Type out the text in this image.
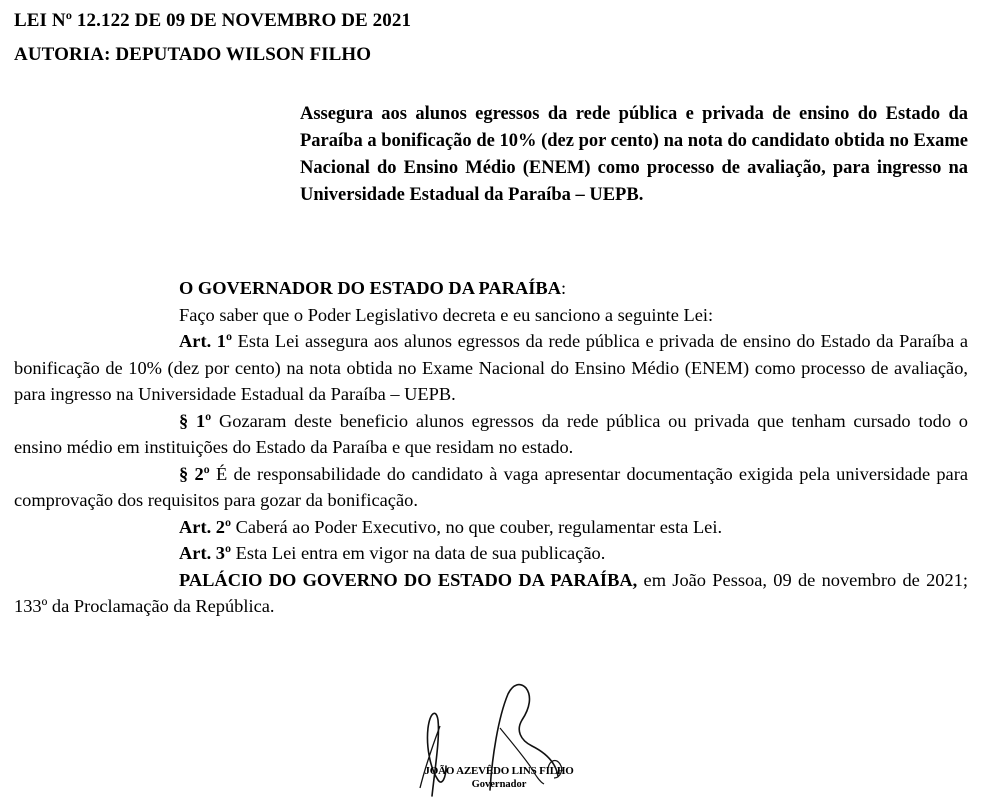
LEI Nº 12.122 DE 09 DE NOVEMBRO DE 2021
AUTORIA: DEPUTADO WILSON FILHO
Assegura aos alunos egressos da rede pública e privada de ensino do Estado da Paraíba a bonificação de 10% (dez por cento) na nota do candidato obtida no Exame Nacional do Ensino Médio (ENEM) como processo de avaliação, para ingresso na Universidade Estadual da Paraíba – UEPB.

O GOVERNADOR DO ESTADO DA PARAÍBA:

Faço saber que o Poder Legislativo decreta e eu sanciono a seguinte Lei:

Art. 1º Esta Lei assegura aos alunos egressos da rede pública e privada de ensino do Estado da Paraíba a bonificação de 10% (dez por cento) na nota obtida no Exame Nacional do Ensino Médio (ENEM) como processo de avaliação, para ingresso na Universidade Estadual da Paraíba – UEPB.

§ 1º Gozaram deste beneficio alunos egressos da rede pública ou privada que tenham cursado todo o ensino médio em instituições do Estado da Paraíba e que residam no estado.

§ 2º É de responsabilidade do candidato à vaga apresentar documentação exigida pela universidade para comprovação dos requisitos para gozar da bonificação.

Art. 2º Caberá ao Poder Executivo, no que couber, regulamentar esta Lei.

Art. 3º Esta Lei entra em vigor na data de sua publicação.

PALÁCIO DO GOVERNO DO ESTADO DA PARAÍBA, em João Pessoa, 09 de novembro de 2021; 133º da Proclamação da República.

JOÃO AZEVÊDO LINS FILHO
Governador
